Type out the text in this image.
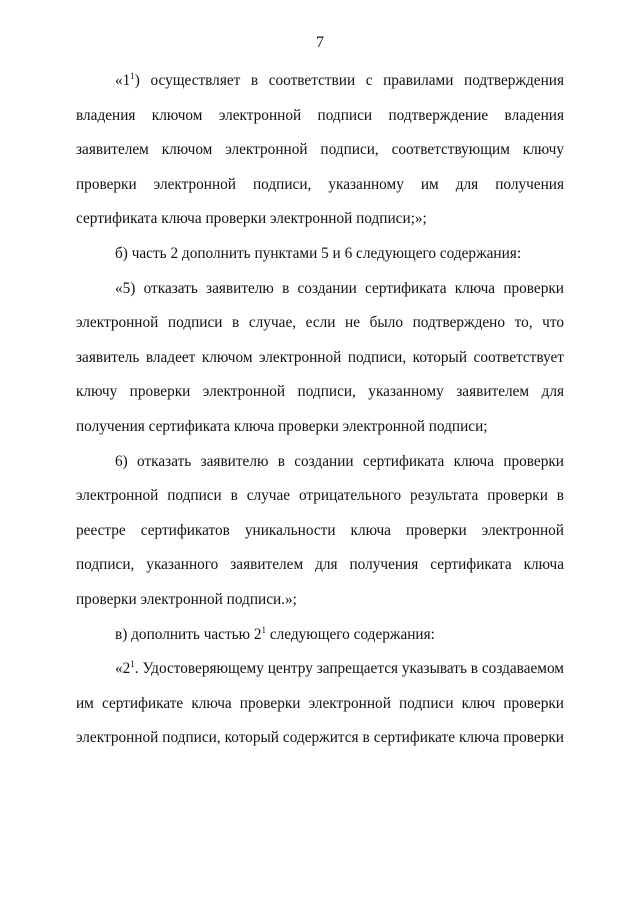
7

«$1^1$) осуществляет в соответствии с правилами подтверждения владения ключом электронной подписи подтверждение владения заявителем ключом электронной подписи, соответствующим ключу проверки электронной подписи, указанному им для получения сертификата ключа проверки электронной подписи;»;

б) часть 2 дополнить пунктами 5 и 6 следующего содержания:

«5) отказать заявителю в создании сертификата ключа проверки электронной подписи в случае, если не было подтверждено то, что заявитель владеет ключом электронной подписи, который соответствует ключу проверки электронной подписи, указанному заявителем для получения сертификата ключа проверки электронной подписи;

6) отказать заявителю в создании сертификата ключа проверки электронной подписи в случае отрицательного результата проверки в реестре сертификатов уникальности ключа проверки электронной подписи, указанного заявителем для получения сертификата ключа проверки электронной подписи.»;

в) дополнить частью $2^1$ следующего содержания:

«$2^1$. Удостоверяющему центру запрещается указывать в создаваемом им сертификате ключа проверки электронной подписи ключ проверки электронной подписи, который содержится в сертификате ключа проверки
